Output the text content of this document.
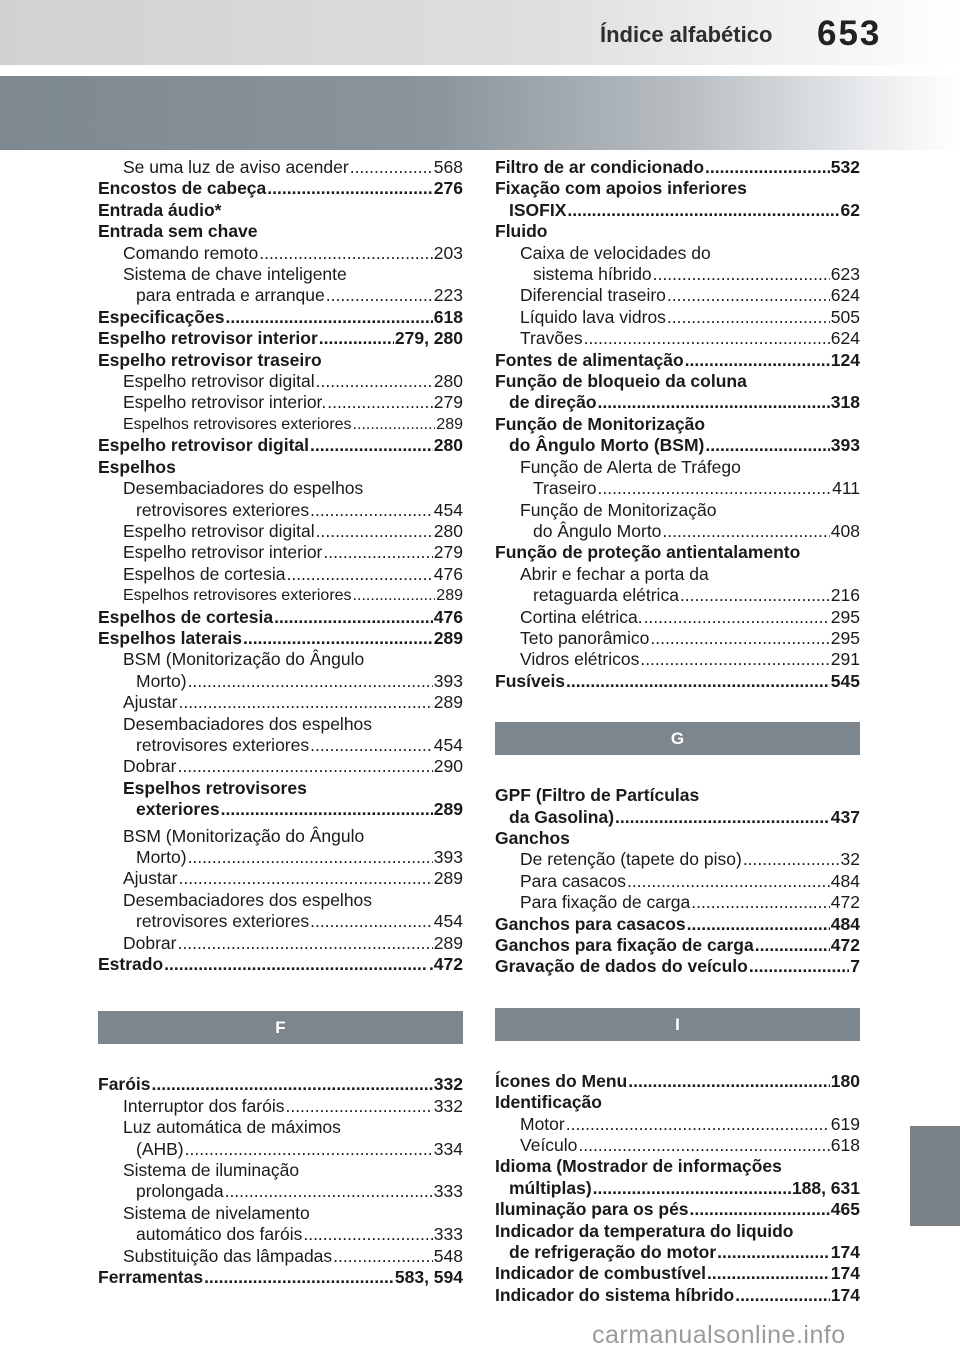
Índice alfabético	653
Se uma luz de aviso acender .....	568
Encostos de cabeça .....	276
Entrada áudio*
Entrada sem chave
Comando remoto .....	203
Sistema de chave inteligente
para entrada e arranque .....	223
Especificações .....	618
Espelho retrovisor interior .....	279, 280
Espelho retrovisor traseiro
Espelho retrovisor digital .....	280
Espelho retrovisor interior. .....	279
Espelhos retrovisores exteriores .....	289
Espelho retrovisor digital .....	280
Espelhos
Desembaciadores do espelhos
retrovisores exteriores .....	454
Espelho retrovisor digital .....	280
Espelho retrovisor interior .....	279
Espelhos de cortesia .....	476
Espelhos retrovisores exteriores .....	289
Espelhos de cortesia .....	476
Espelhos laterais .....	289
BSM (Monitorização do Ângulo
Morto) .....	393
Ajustar .....	289
Desembaciadores dos espelhos
retrovisores exteriores .....	454
Dobrar .....	290
Espelhos retrovisores
exteriores .....	289
BSM (Monitorização do Ângulo
Morto) .....	393
Ajustar .....	289
Desembaciadores dos espelhos
retrovisores exteriores .....	454
Dobrar .....	289
Estrado .....	.472
F
Faróis .....	332
Interruptor dos faróis .....	332
Luz automática de máximos
(AHB) .....	334
Sistema de iluminação
prolongada .....	333
Sistema de nivelamento
automático dos faróis .....	333
Substituição das lâmpadas .....	548
Ferramentas .....	583, 594
Filtro de ar condicionado .....	532
Fixação com apoios inferiores
ISOFIX .....	62
Fluido
Caixa de velocidades do
sistema híbrido .....	623
Diferencial traseiro .....	624
Líquido lava vidros .....	505
Travões .....	624
Fontes de alimentação .....	124
Função de bloqueio da coluna
de direção .....	318
Função de Monitorização
do Ângulo Morto (BSM) .....	393
Função de Alerta de Tráfego
Traseiro .....	411
Função de Monitorização
do Ângulo Morto .....	408
Função de proteção antientalamento
Abrir e fechar a porta da
retaguarda elétrica .....	216
Cortina elétrica. .....	295
Teto panorâmico .....	295
Vidros elétricos .....	291
Fusíveis .....	545
G
GPF (Filtro de Partículas
da Gasolina) .....	437
Ganchos
De retenção (tapete do piso) .....	32
Para casacos .....	484
Para fixação de carga .....	472
Ganchos para casacos .....	484
Ganchos para fixação de carga .....	472
Gravação de dados do veículo .....	7
I
Ícones do Menu .....	180
Identificação
Motor .....	619
Veículo .....	618
Idioma (Mostrador de informações
múltiplas) .....	188, 631
Iluminação para os pés .....	465
Indicador da temperatura do liquido
de refrigeração do motor .....	174
Indicador de combustível .....	174
Indicador do sistema híbrido .....	174
carmanualsonline.info
